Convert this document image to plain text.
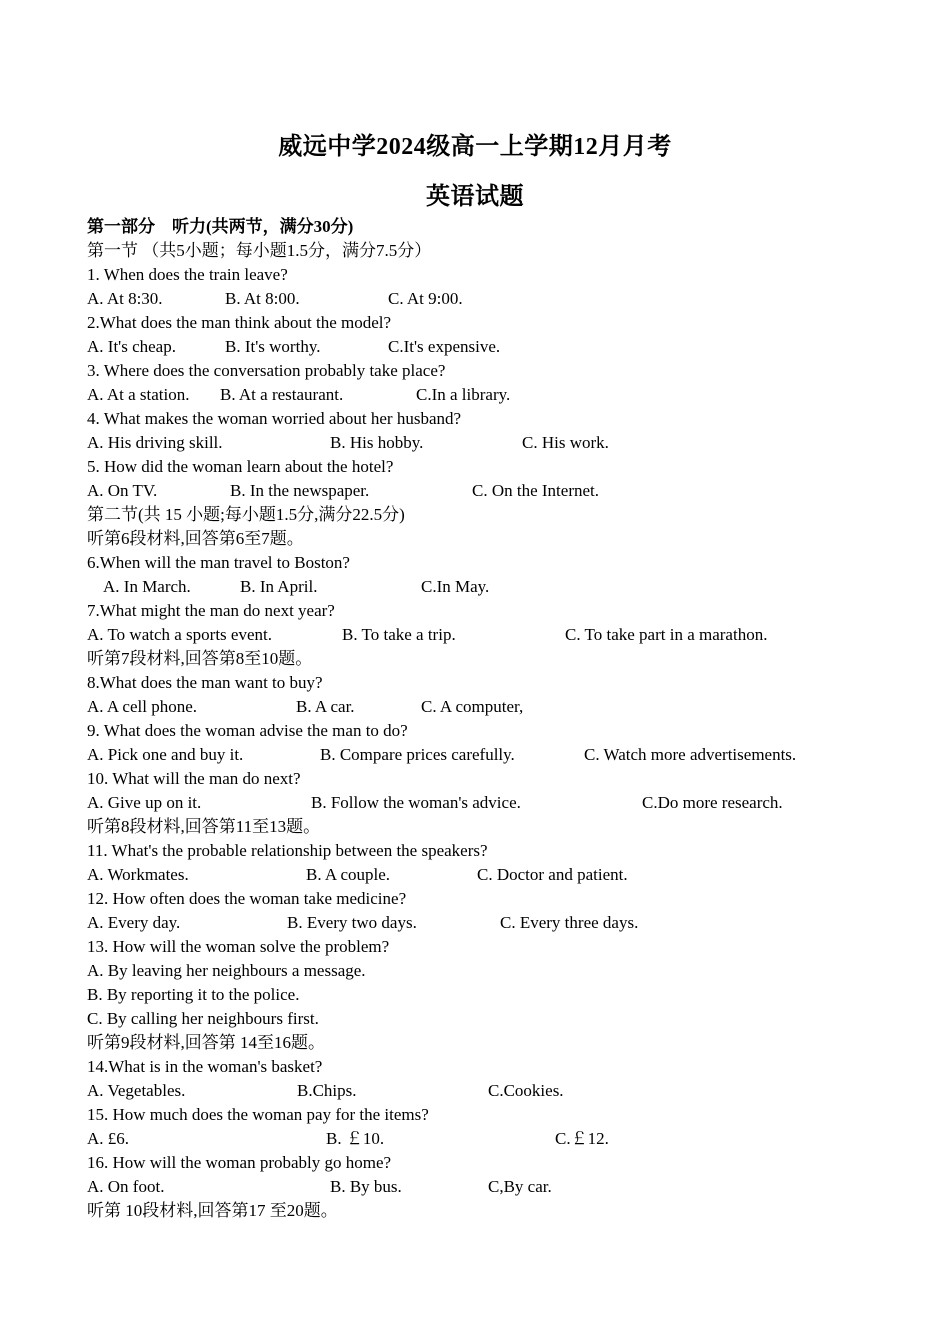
威远中学2024级高一上学期12月月考
英语试题
第一部分　听力(共两节，满分30分)
第一节 （共5小题；每小题1.5分，满分7.5分）
1. When does the train leave?
A. At 8:30.	B. At 8:00.	C. At 9:00.
2.What does the man think about the model?
A. It's cheap.	B. It's worthy.	C.It's expensive.
3. Where does the conversation probably take place?
A. At a station. B. At a restaurant.	C.In a library.
4. What makes the woman worried about her husband?
A. His driving skill.	B. His hobby.	C. His work.
5. How did the woman learn about the hotel?
A. On TV.	B. In the newspaper.	C. On the Internet.
第二节(共 15 小题;每小题1.5分,满分22.5分)
听第6段材料,回答第6至7题。
6.When will the man travel to Boston?
A. In March.	B. In April.	C.In May.
7.What might the man do next year?
A. To watch a sports event.	B. To take a trip.	C. To take part in a marathon.
听第7段材料,回答第8至10题。
8.What does the man want to buy?
A. A cell phone.	B. A car.	C. A computer,
9. What does the woman advise the man to do?
A. Pick one and buy it.	B. Compare prices carefully.	C. Watch more advertisements.
10. What will the man do next?
A. Give up on it.	B. Follow the woman's advice.	C.Do more research.
听第8段材料,回答第11至13题。
11. What's the probable relationship between the speakers?
A. Workmates.	B. A couple.	C. Doctor and patient.
12. How often does the woman take medicine?
A. Every day.	B. Every two days.	C. Every three days.
13. How will the woman solve the problem?
A. By leaving her neighbours a message.
B. By reporting it to the police.
C. By calling her neighbours first.
听第9段材料,回答第 14至16题。
14.What is in the woman's basket?
A. Vegetables.	B.Chips.	C.Cookies.
15. How much does the woman pay for the items?
A. £6.	B. ￡10.	C.￡12.
16. How will the woman probably go home?
A. On foot.	B. By bus.	C,By car.
听第 10段材料,回答第17 至20题。
